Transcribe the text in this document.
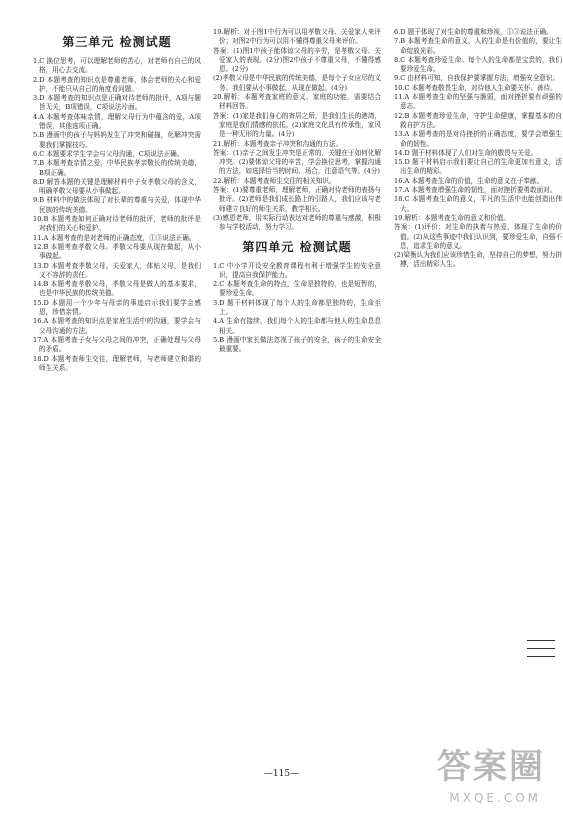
第三单元 检测试题
1.C 换位思考，可以理解老师的苦心，对老师有自己的风格，用心去交流。
2.D 本题考查的知识点是尊重老师，体会老师的关心和爱护，不能只从自己的角度看问题。
3.D 本题考查的知识点是正确对待老师的批评，A项与题旨无关，B项错误，C项说法片面。
4.A 本题考查体味亲情，理解父母行为中蕴含的爱，A项错误，其他选项正确。
5.B 漫画中的孩子与妈妈发生了冲突和碰撞，化解冲突需要我们掌握技巧。
6.C 本题要求学生学会与父母沟通，C项说法正确。
7.B 本题考查亲情之爱，中华民族孝亲敬长的传统美德，B项正确。
8.D 解答本题的关键是理解材料中子女孝敬父母的含义，明确孝敬父母要从小事做起。
9.B 材料中的做法体现了对长辈的尊重与关爱，体现中华民族的传统美德。
10.B 本题考查如何正确对待老师的批评，老师的批评是对我们的关心和爱护。
11.A 本题考查的是对老师的正确态度，①③说法正确。
12.B 本题考查孝敬父母。孝敬父母要从现在做起，从小事做起。
13.D 本题考查孝敬父母。关爱家人，体贴父母，是我们义不容辞的责任。
14.B 本题考查孝敬父母，孝敬父母是做人的基本要求，也是中华民族的传统美德。
15.D 本题用一个少年与母亲的事迹启示我们要学会感恩，珍惜亲情。
16.A 本题考查的知识点是家庭生活中的沟通，要学会与父母沟通的方法。
17.A 本题考查子女与父母之间的冲突，正确处理与父母的矛盾。
18.D 本题考查师生交往，理解老师，与老师建立和谐的师生关系。
19.解析：对于图1中行为可以用孝敬父母、关爱家人来评价；对图2中行为可以用不懂得尊重父母来评价。
答案：(1)图1中孩子能体谅父母的辛劳，是孝敬父母、关爱家人的表现。(2分)图2中孩子不尊重父母，不懂得感恩。(2分)
(2)孝敬父母是中华民族的传统美德，是每个子女应尽的义务。我们要从小事做起，从现在做起。(4分)
20.解析：本题考查家庭的意义、家庭的功能，需要结合材料回答。
答案：(1)家是我们身心的寄居之所，是我们生长的港湾，家庭是我们情感的依托。(2)家庭文化具有传承性，家风是一种无形的力量。(4分)
21.解析：本题考查亲子冲突和沟通的方法。
答案：(1)亲子之间发生冲突是正常的，关键在于如何化解冲突。(2)要体谅父母的辛苦，学会换位思考，掌握沟通的方法，如选择恰当的时间、场合，注意语气等。(4分)
22.解析：本题考查师生交往的相关知识。
答案：(1)要尊重老师，理解老师，正确对待老师的表扬与批评。(2)老师是我们成长路上的引路人，我们应该与老师建立良好的师生关系，教学相长。
(3)感恩老师，用实际行动表达对老师的尊重与感激，积极参与学校活动，努力学习。
第四单元 检测试题
1.C 中小学开设安全教育课程有利于增强学生的安全意识，提高自我保护能力。
2.C 本题考查生命的特点，生命是独特的，也是短暂的，要珍爱生命。
3.D 题干材料体现了每个人的生命都是独特的，生命至上。
4.A 生命有接续，我们每个人的生命都与他人的生命息息相关。
5.B 漫画中家长做法忽视了孩子的安全，孩子的生命安全最重要。
6.D 题干体现了对生命的尊重和珍视，①③说法正确。
7.B 本题考查生命的意义，人的生命是有价值的，要让生命绽放光彩。
8.C 本题考查珍爱生命。每个人的生命都是宝贵的，我们要珍爱生命。
9.C 由材料可知，自我保护要掌握方法，增强安全意识。
10.C 本题考查敬畏生命，对待他人生命要关怀、善待。
11.A 本题考查生命的坚强与脆弱，面对挫折要有顽强的意志。
12.B 本题考查珍爱生命，守护生命健康，掌握基本的自救自护方法。
13.A 本题考查的是对待挫折的正确态度，要学会增强生命的韧性。
14.D 题干材料体现了人们对生命的敬畏与关爱。
15.D 题干材料启示我们要让自己的生命更加有意义，活出生命的精彩。
16.A 本题考查生命的价值，生命的意义在于奉献。
17.A 本题考查增强生命的韧性，面对挫折要勇敢面对。
18.C 本题考查生命的意义，平凡的生活中也能创造出伟大。
19.解析：本题考查生命的意义和价值。
答案：(1)评价：对生命的执着与热爱，体现了生命的价值。(2)从这些事迹中我们认识到，要珍爱生命，自强不息，追求生命的意义。
(2)梁衡认为我们应该珍惜生命，坚持自己的梦想，努力拼搏，活出精彩人生。
—115—	答案圈
MXQE.COM
